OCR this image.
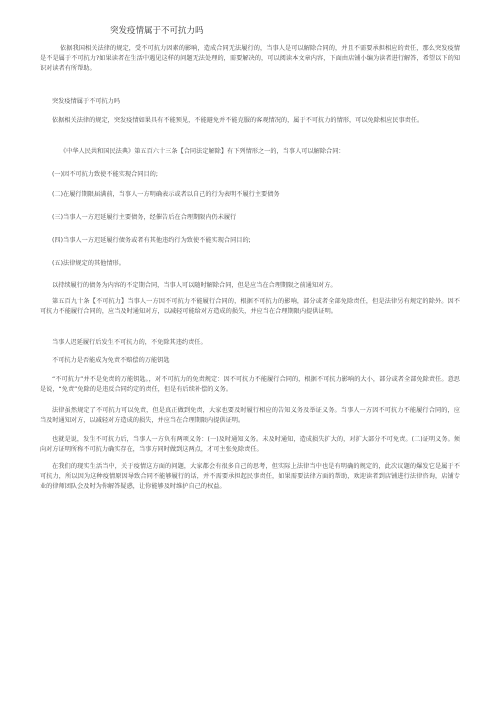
突发疫情属于不可抗力吗

依据我国相关法律的规定，受不可抗力因素的影响，造成合同无法履行的，当事人是可以解除合同的，并且不需要承担相应的责任，那么突发疫情是不是属于不可抗力?如果读者在生活中遇见这样的问题无法处理的，需要解决的，可以阅读本文章内容，下面由店铺小编为读者进行解答，希望以下的知识对读者有所帮助。

突发疫情属于不可抗力吗

依据相关法律的规定，突发疫情如果具有不能预见，不能避免并不能克服的客观情况的，属于不可抗力的情形，可以免除相应民事责任。

《中华人民共和国民法典》第五百六十三条【合同法定解除】有下列情形之一的，当事人可以解除合同：

(一)因不可抗力致使不能实现合同目的;

(二)在履行期限届满前，当事人一方明确表示或者以自己的行为表明不履行主要债务

(三)当事人一方迟延履行主要债务，经催告后在合理期限内仍未履行

(四)当事人一方迟延履行债务或者有其他违约行为致使不能实现合同目的;

(五)法律规定的其他情形。

以持续履行的债务为内容的不定期合同，当事人可以随时解除合同，但是应当在合理期限之前通知对方。

第五百九十条【不可抗力】当事人一方因不可抗力不能履行合同的，根据不可抗力的影响，部分或者全部免除责任，但是法律另有规定的除外。因不可抗力不能履行合同的，应当及时通知对方，以减轻可能给对方造成的损失，并应当在合理期限内提供证明。

当事人迟延履行后发生不可抗力的，不免除其违约责任。

不可抗力是否能成为免责不赔偿的万能钥匙

“不可抗力”并不是免责的万能钥匙。，对不可抗力的免责规定：因不可抗力不能履行合同的，根据不可抗力影响的大小，部分或者全部免除责任。意思是说，“免责”免除的是违反合同约定的责任，但是有后续补偿的义务。

法律虽然规定了不可抗力可以免责，但是真正做到免责，大家也要及时履行相应的告知义务及举证义务。当事人一方因不可抗力不能履行合同的，应当及时通知对方，以减轻对方造成的损失，并应当在合理期限内提供证明。

也就是说，发生不可抗力后，当事人一方负有两项义务：(一)及时通知义务。未及时通知，造成损失扩大的，对扩大部分不可免责。(二)证明义务。须向对方证明所称不可抗力确实存在，当事方同时做到这两点，才可主张免除责任。

在我们的现实生活当中，关于疫情这方面的问题，大家都会有很多自己的思考，但实际上法律当中也是有明确的规定的，此次议题的爆发它是属于不可抗力，所以因为这种疫情原因导致合同不能够履行的话，并不需要承担起民事责任，如果需要法律方面的帮助，欢迎读者到店铺进行法律咨询，店铺专业的律师团队会及时为你解答疑惑，让你能够及时维护自己的权益。
